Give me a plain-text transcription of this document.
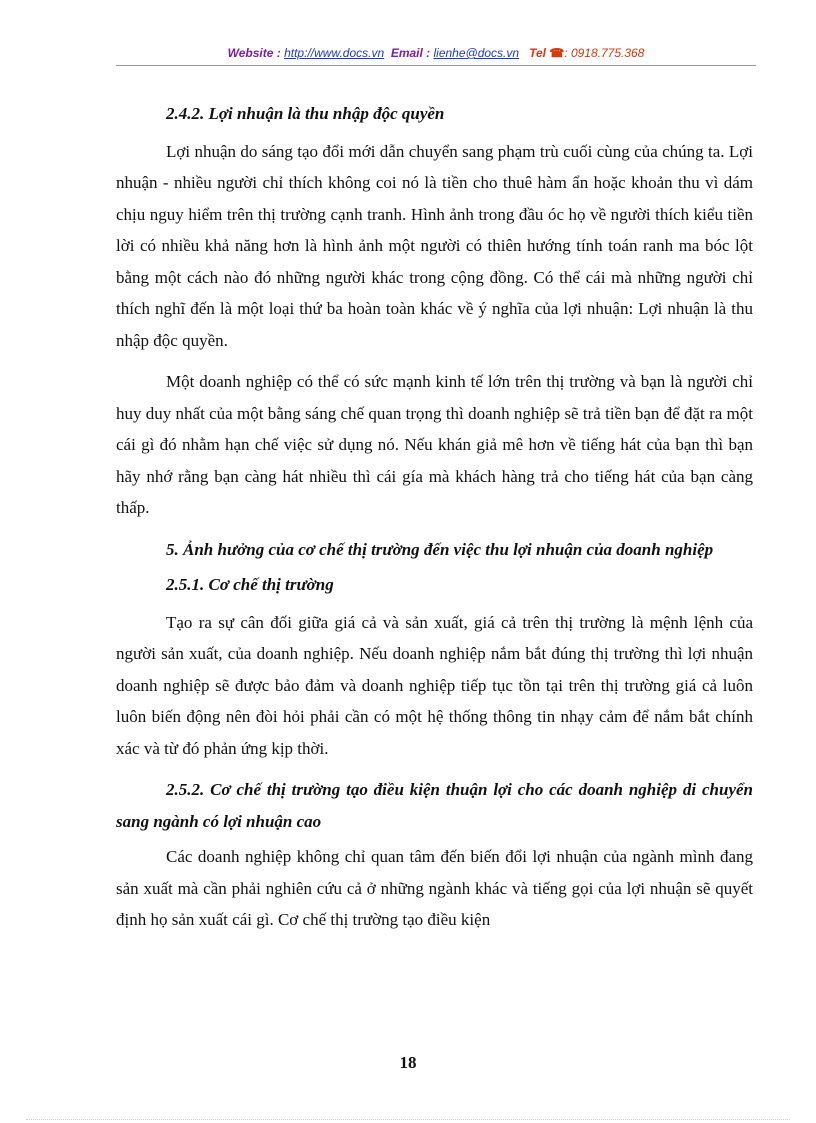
Website : http://www.docs.vn Email : lienhe@docs.vn Tel ☎: 0918.775.368

2.4.2. Lợi nhuận là thu nhập độc quyền

Lợi nhuận do sáng tạo đổi mới dẫn chuyển sang phạm trù cuối cùng của chúng ta. Lợi nhuận - nhiều người chỉ thích không coi nó là tiền cho thuê hàm ẩn hoặc khoản thu vì dám chịu nguy hiểm trên thị trường cạnh tranh. Hình ảnh trong đầu óc họ về người thích kiểu tiền lời có nhiều khả năng hơn là hình ảnh một người có thiên hướng tính toán ranh ma bóc lột bằng một cách nào đó những người khác trong cộng đồng. Có thể cái mà những người chỉ thích nghĩ đến là một loại thứ ba hoàn toàn khác về ý nghĩa của lợi nhuận: Lợi nhuận là thu nhập độc quyền.

Một doanh nghiệp có thể có sức mạnh kinh tế lớn trên thị trường và bạn là người chỉ huy duy nhất của một bằng sáng chế quan trọng thì doanh nghiệp sẽ trả tiền bạn để đặt ra một cái gì đó nhằm hạn chế việc sử dụng nó. Nếu khán giả mê hơn về tiếng hát của bạn thì bạn hãy nhớ rằng bạn càng hát nhiều thì cái gía mà khách hàng trả cho tiếng hát của bạn càng thấp.

5. Ảnh hưởng của cơ chế thị trường đến việc thu lợi nhuận của doanh nghiệp

2.5.1. Cơ chế thị trường

Tạo ra sự cân đối giữa giá cả và sản xuất, giá cả trên thị trường là mệnh lệnh của người sản xuất, của doanh nghiệp. Nếu doanh nghiệp nắm bắt đúng thị trường thì lợi nhuận doanh nghiệp sẽ được bảo đảm và doanh nghiệp tiếp tục tồn tại trên thị trường giá cả luôn luôn biến động nên đòi hỏi phải cần có một hệ thống thông tin nhạy cảm để nắm bắt chính xác và từ đó phản ứng kịp thời.

2.5.2. Cơ chế thị trường tạo điều kiện thuận lợi cho các doanh nghiệp di chuyển sang ngành có lợi nhuận cao

Các doanh nghiệp không chỉ quan tâm đến biến đổi lợi nhuận của ngành mình đang sản xuất mà cần phải nghiên cứu cả ở những ngành khác và tiếng gọi của lợi nhuận sẽ quyết định họ sản xuất cái gì. Cơ chế thị trường tạo điều kiện

18
